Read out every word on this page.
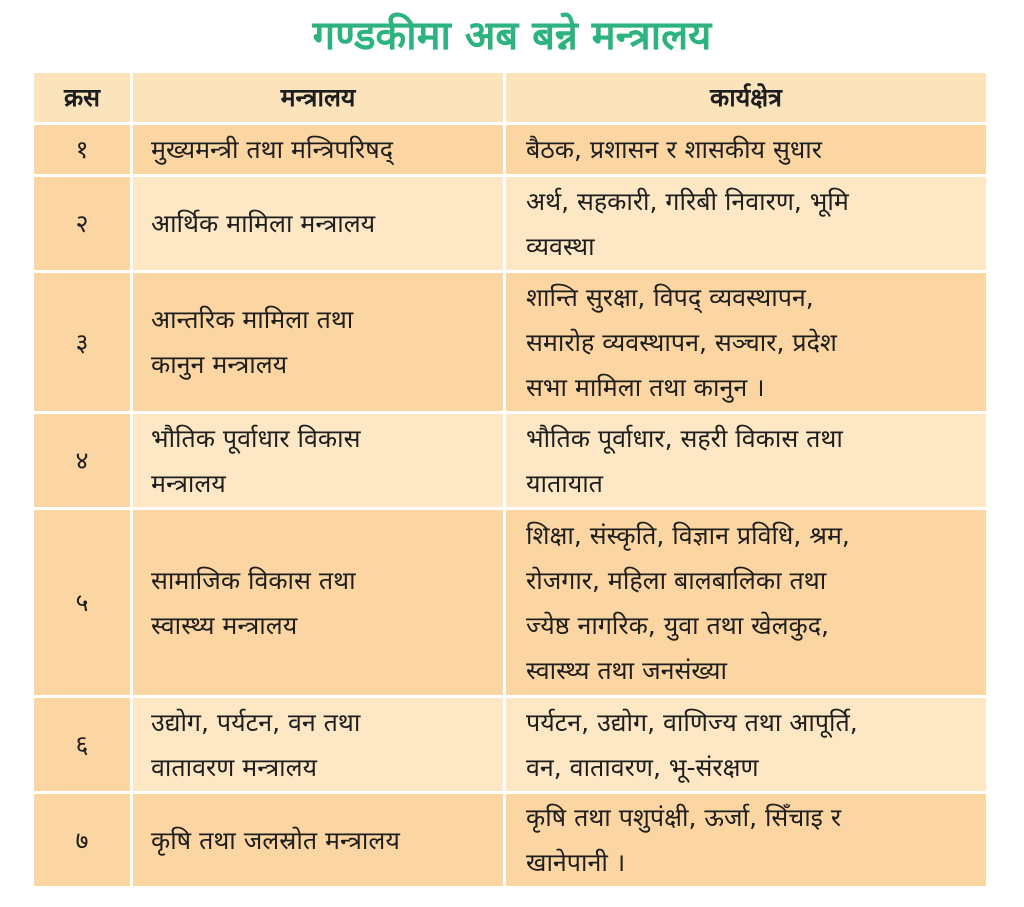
गण्डकीमा अब बन्ने मन्त्रालय
क्रस	मन्त्रालय	कार्यक्षेत्र
१	मुख्यमन्त्री तथा मन्त्रिपरिषद्	बैठक, प्रशासन र शासकीय सुधार

२	आर्थिक मामिला मन्त्रालय	अर्थ, सहकारी, गरिबी निवारण, भूमि
व्यवस्था

३	आन्तरिक मामिला तथा
कानुन मन्त्रालय	शान्ति सुरक्षा, विपद् व्यवस्थापन,
समारोह व्यवस्थापन, सञ्चार, प्रदेश
सभा मामिला तथा कानुन ।

४	भौतिक पूर्वाधार विकास
मन्त्रालय	भौतिक पूर्वाधार, सहरी विकास तथा
यातायात

५	सामाजिक विकास तथा
स्वास्थ्य मन्त्रालय	शिक्षा, संस्कृति, विज्ञान प्रविधि, श्रम,
रोजगार, महिला बालबालिका तथा
ज्येष्ठ नागरिक, युवा तथा खेलकुद,
स्वास्थ्य तथा जनसंख्या

६	उद्योग, पर्यटन, वन तथा
वातावरण मन्त्रालय	पर्यटन, उद्योग, वाणिज्य तथा आपूर्ति,
वन, वातावरण, भू-संरक्षण

७	कृषि तथा जलस्रोत मन्त्रालय	कृषि तथा पशुपंक्षी, ऊर्जा, सिँचाइ र
खानेपानी ।
